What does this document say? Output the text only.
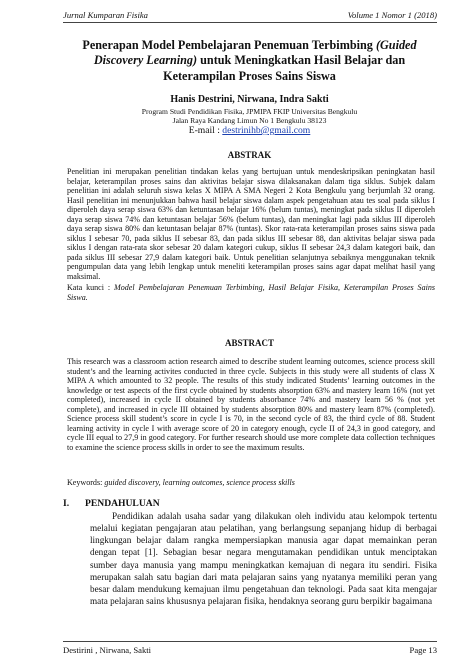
Jurnal Kumparan Fisika	Volume 1 Nomor 1 (2018)
Penerapan Model Pembelajaran Penemuan Terbimbing (Guided Discovery Learning) untuk Meningkatkan Hasil Belajar dan Keterampilan Proses Sains Siswa
Hanis Destrini, Nirwana, Indra Sakti
Program Studi Pendidikan Fisika, JPMIPA FKIP Universitas Bengkulu
Jalan Raya Kandang Limun No 1 Bengkulu 38123
E-mail : destrinihb@gmail.com
ABSTRAK

Penelitian ini merupakan penelitian tindakan kelas yang bertujuan untuk mendeskripsikan peningkatan hasil belajar, keterampilan proses sains dan aktivitas belajar siswa dilaksanakan dalam tiga siklus. Subjek dalam penelitian ini adalah seluruh siswa kelas X MIPA A SMA Negeri 2 Kota Bengkulu yang berjumlah 32 orang. Hasil penelitian ini menunjukkan bahwa hasil belajar siswa dalam aspek pengetahuan atau tes soal pada siklus I diperoleh daya serap siswa 63% dan ketuntasan belajar 16% (belum tuntas), meningkat pada siklus II diperoleh daya serap siswa 74% dan ketuntasan belajar 56% (belum tuntas), dan meningkat lagi pada siklus III diperoleh daya serap siswa 80% dan ketuntasan belajar 87% (tuntas). Skor rata-rata keterampilan proses sains siswa pada siklus I sebesar 70, pada siklus II sebesar 83, dan pada siklus III sebesar 88, dan aktivitas belajar siswa pada siklus I dengan rata-rata skor sebesar 20 dalam kategori cukup, siklus II sebesar 24,3 dalam kategori baik, dan pada siklus III sebesar 27,9 dalam kategori baik. Untuk penelitian selanjutnya sebaiknya menggunakan teknik pengumpulan data yang lebih lengkap untuk meneliti keterampilan proses sains agar dapat melihat hasil yang maksimal.

Kata kunci : Model Pembelajaran Penemuan Terbimbing, Hasil Belajar Fisika, Keterampilan Proses Sains Siswa.

ABSTRACT

This research was a classroom action research aimed to describe student learning outcomes, science process skill student’s and the learning activites conducted in three cycle. Subjects in this study were all students of class X MIPA A which amounted to 32 people. The results of this study indicated Students’ learning outcomes in the knowledge or test aspects of the first cycle obtained by students absorption 63% and mastery learn 16% (not yet completed), increased in cycle II obtained by students absorbance 74% and mastery learn 56 % (not yet complete), and increased in cycle III obtained by students absorption 80% and mastery learn 87% (completed). Science process skill student’s score in cycle I is 70, in the second cycle of 83, the third cycle of 88. Student learning activity in cycle I with average score of 20 in category enough, cycle II of 24,3 in good category, and cycle III equal to 27,9 in good category. For further research should use more complete data collection techniques to examine the science process skills in order to see the maximum results.

Keywords: guided discovery, learning outcomes, science process skills

I. PENDAHULUAN

Pendidikan adalah usaha sadar yang dilakukan oleh individu atau kelompok tertentu melalui kegiatan pengajaran atau pelatihan, yang berlangsung sepanjang hidup di berbagai lingkungan belajar dalam rangka mempersiapkan manusia agar dapat memainkan peran dengan tepat [1]. Sebagian besar negara mengutamakan pendidikan untuk menciptakan sumber daya manusia yang mampu meningkatkan kemajuan di negara itu sendiri. Fisika merupakan salah satu bagian dari mata pelajaran sains yang nyatanya memiliki peran yang besar dalam mendukung kemajuan ilmu pengetahuan dan teknologi. Pada saat kita mengajar mata pelajaran sains khususnya pelajaran fisika, hendaknya seorang guru berpikir bagaimana

Destirini , Nirwana, Sakti	Page 13
